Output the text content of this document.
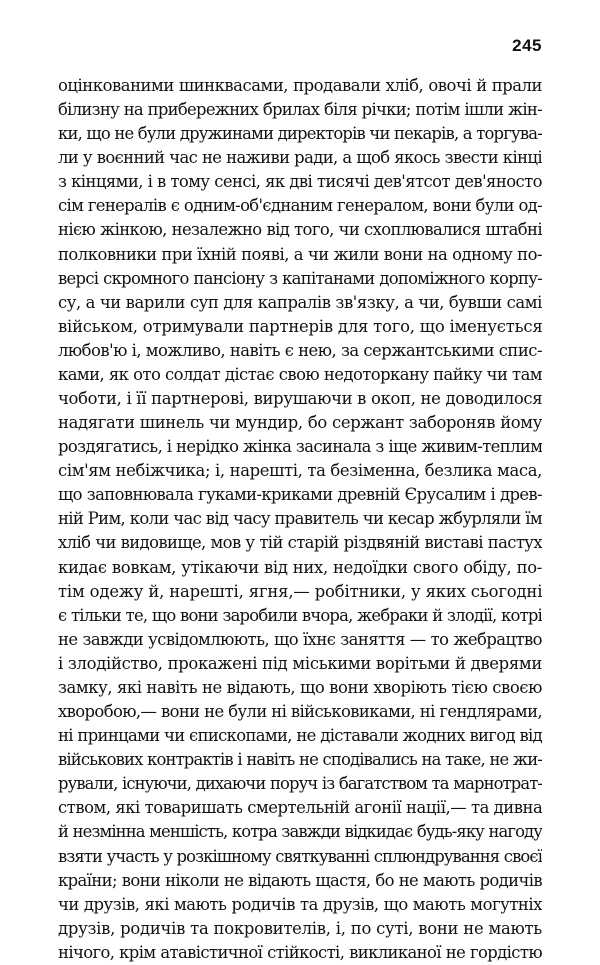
245
оцінкованими шинквасами, продавали хліб, овочі й прали
білизну на прибережних брилах біля річки; потім ішли жін-
ки, що не були дружинами директорів чи пекарів, а торгува-
ли у воєнний час не наживи ради, а щоб якось звести кінці
з кінцями, і в тому сенсі, як дві тисячі дев'ятсот дев'яносто
сім генералів є одним-об'єднаним генералом, вони були од-
нією жінкою, незалежно від того, чи схоплювалися штабні
полковники при їхній появі, а чи жили вони на одному по-
версі скромного пансіону з капітанами допоміжного корпу-
су, а чи варили суп для капралів зв'язку, а чи, бувши самі
військом, отримували партнерів для того, що іменується
любов'ю і, можливо, навіть є нею, за сержантськими спис-
ками, як ото солдат дістає свою недоторкану пайку чи там
чоботи, і її партнерові, вирушаючи в окоп, не доводилося
надягати шинель чи мундир, бо сержант забороняв йому
роздягатись, і нерідко жінка засинала з іще живим-теплим
сім'ям небіжчика; і, нарешті, та безіменна, безлика маса,
що заповнювала гуками-криками древній Єрусалим і древ-
ній Рим, коли час від часу правитель чи кесар жбурляли їм
хліб чи видовище, мов у тій старій різдвяній виставі пастух
кидає вовкам, утікаючи від них, недоїдки свого обіду, по-
тім одежу й, нарешті, ягня,— робітники, у яких сьогодні
є тільки те, що вони заробили вчора, жебраки й злодії, котрі
не завжди усвідомлюють, що їхнє заняття — то жебрацтво
і злодійство, прокажені під міськими ворітьми й дверями
замку, які навіть не відають, що вони хворіють тією своєю
хворобою,— вони не були ні військовиками, ні гендлярами,
ні принцами чи єпископами, не діставали жодних вигод від
військових контрактів і навіть не сподівались на таке, не жи-
рували, існуючи, дихаючи поруч із багатством та марнотрат-
ством, які товаришать смертельній агонії нації,— та дивна
й незмінна меншість, котра завжди відкидає будь-яку нагоду
взяти участь у розкішному святкуванні сплюндрування своєї
країни; вони ніколи не відають щастя, бо не мають родичів
чи друзів, які мають родичів та друзів, що мають могутніх
друзів, родичів та покровителів, і, по суті, вони не мають
нічого, крім атавістичної стійкості, викликаної не гордістю
